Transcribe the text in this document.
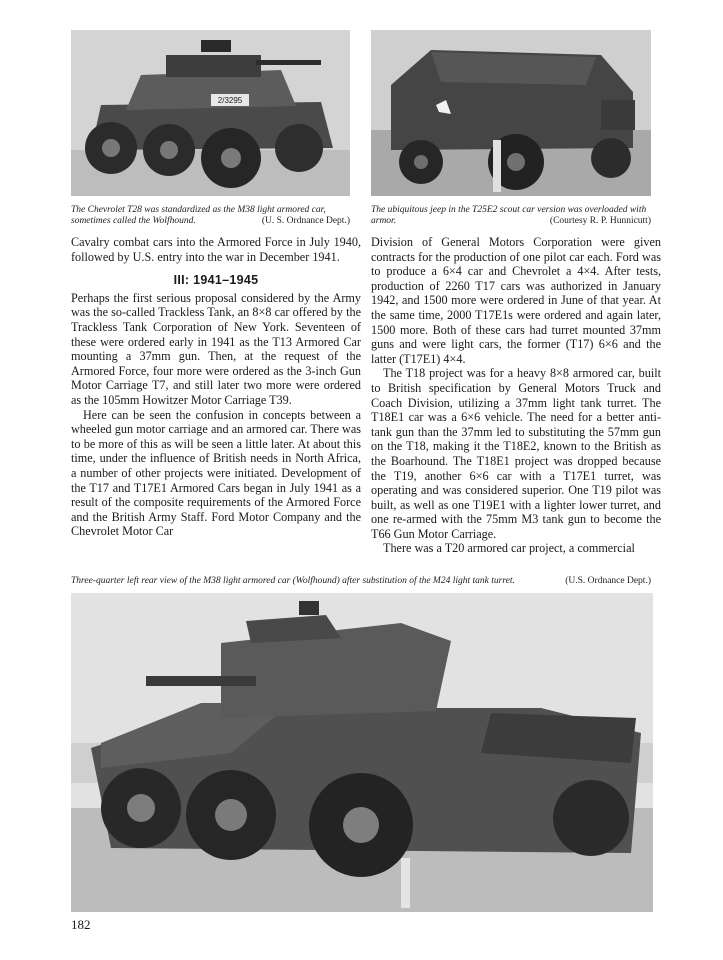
2/3295
The Chevrolet T28 was standardized as the M38 light armored car, sometimes called the Wolfhound.	(U. S. Ordnance Dept.)
The ubiquitous jeep in the T25E2 scout car version was overloaded with armor.	(Courtesy R. P. Hunnicutt)

Cavalry combat cars into the Armored Force in July 1940, followed by U.S. entry into the war in December 1941.

III: 1941–1945

Perhaps the first serious proposal considered by the Army was the so-called Trackless Tank, an 8×8 car offered by the Trackless Tank Corporation of New York. Seventeen of these were ordered early in 1941 as the T13 Armored Car mounting a 37mm gun. Then, at the request of the Armored Force, four more were ordered as the 3-inch Gun Motor Carriage T7, and still later two more were ordered as the 105mm Howitzer Motor Carriage T39.

Here can be seen the confusion in concepts between a wheeled gun motor carriage and an armored car. There was to be more of this as will be seen a little later. At about this time, under the influence of British needs in North Africa, a number of other projects were initiated. Development of the T17 and T17E1 Armored Cars began in July 1941 as a result of the composite requirements of the Armored Force and the British Army Staff. Ford Motor Company and the Chevrolet Motor Car

Division of General Motors Corporation were given contracts for the production of one pilot car each. Ford was to produce a 6×4 car and Chevrolet a 4×4. After tests, production of 2260 T17 cars was authorized in January 1942, and 1500 more were ordered in June of that year. At the same time, 2000 T17E1s were ordered and again later, 1500 more. Both of these cars had turret mounted 37mm guns and were light cars, the former (T17) 6×6 and the latter (T17E1) 4×4.

The T18 project was for a heavy 8×8 armored car, built to British specification by General Motors Truck and Coach Division, utilizing a 37mm light tank turret. The T18E1 car was a 6×6 vehicle. The need for a better anti-tank gun than the 37mm led to substituting the 57mm gun on the T18, making it the T18E2, known to the British as the Boarhound. The T18E1 project was dropped because the T19, another 6×6 car with a T17E1 turret, was operating and was considered superior. One T19 pilot was built, as well as one T19E1 with a lighter lower turret, and one re-armed with the 75mm M3 tank gun to become the T66 Gun Motor Carriage.

There was a T20 armored car project, a commercial

Three-quarter left rear view of the M38 light armored car (Wolfhound) after substitution of the M24 light tank turret.	(U.S. Ordnance Dept.)
182
